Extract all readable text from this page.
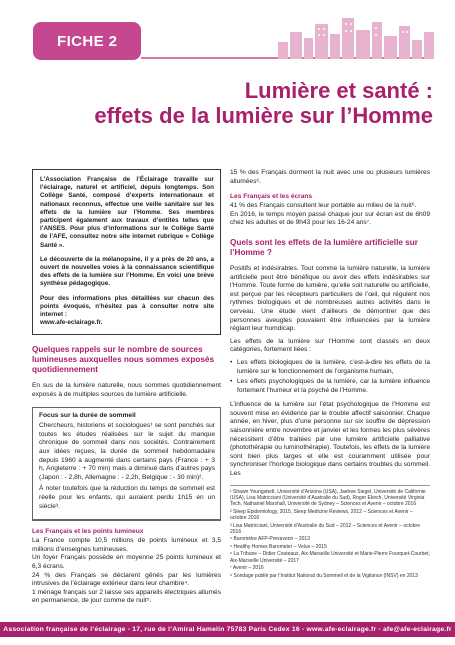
FICHE 2
Lumière et santé :
effets de la lumière sur l’Homme

L’Association Française de l’Éclairage travaille sur l’éclairage, naturel et artificiel, depuis longtemps. Son Collège Santé, composé d’experts internationaux et nationaux reconnus, effectue une veille sanitaire sur les effets de la lumière sur l’Homme. Ses membres participent également aux travaux d’entités telles que l’ANSES. Pour plus d’informations sur le Collège Santé de l’AFE, consultez notre site internet rubrique « Collège Santé ».

Le découverte de la mélanopsine, il y a près de 20 ans, a ouvert de nouvelles voies à la connaissance scientifique des effets de la lumière sur l’Homme. En voici une brève synthèse pédagogique.

Pour des informations plus détaillées sur chacun des points évoqués, n’hésitez pas à consulter notre site internet :
www.afe-eclairage.fr.

Quelques rappels sur le nombre de sources lumineuses auxquelles nous sommes exposés quotidiennement

En sus de la lumière naturelle, nous sommes quotidiennement exposés à de multiples sources de lumière artificielle.

Focus sur la durée de sommeil

Chercheurs, historiens et sociologues¹ se sont penchés sur toutes les études réalisées sur le sujet du manque chronique de sommeil dans nos sociétés. Contrairement aux idées reçues, la durée de sommeil hebdomadaire depuis 1960 a augmenté dans certains pays (France : + 3 h, Angleterre : + 70 min) mais a diminué dans d’autres pays (Japon : - 2,8h, Allemagne : - 2,2h, Belgique : - 30 min)².

À noter toutefois que la réduction du temps de sommeil est réelle pour les enfants, qui auraient perdu 1h15 en un siècle³.

Les Français et les points lumineux

La France compte 10,5 millions de points lumineux et 3,5 millions d’enseignes lumineuses.

Un foyer Français possède en moyenne 25 points lumineux et 6,3 écrans.

24 % des Français se déclarent gênés par les lumières intrusives de l’éclairage extérieur dans leur chambre⁴.

1 ménage français sur 2 laisse ses appareils électriques allumés en permanence, de jour comme de nuit⁵.

15 % des Français dorment la nuit avec une ou plusieurs lumières allumées⁶.

Les Français et les écrans

41 % des Français consultent leur portable au milieu de la nuit⁶.

En 2016, le temps moyen passé chaque jour sur écran est de 6h09 chez les adultes et de 9h43 pour les 16-24 ans⁷.

Quels sont les effets de la lumière artificielle sur l’Homme ?

Positifs et indésirables. Tout comme la lumière naturelle, la lumière artificielle peut être bénéfique ou avoir des effets indésirables sur l’Homme. Toute forme de lumière, qu’elle soit naturelle ou artificielle, est perçue par les récepteurs particuliers de l’œil, qui régulent nos rythmes biologiques et de nombreuses autres activités dans le cerveau. Une étude vient d’ailleurs de démontrer que des personnes aveugles pouvaient être influencées par la lumière réglant leur humdicap.

Les effets de la lumière sur l’Homme sont classés en deux catégories, fortement liées :

• Les effets biologiques de la lumière, c’est-à-dire les effets de la lumière sur le fonctionnement de l’organisme humain,
• Les effets psychologiques de la lumière, car la lumière influence fortement l’humeur et la psyché de l’Homme.

L’influence de la lumière sur l’état psychologique de l’Homme est souvent mise en évidence par le trouble affectif saisonnier. Chaque année, en hiver, plus d’une personne sur six souffre de dépression saisonnière entre novembre et janvier et les formes les plus sévères nécessitent d’être traitées par une lumière artificielle palliative (photothérapie ou luminothérapie). Toutefois, les effets de la lumière sont bien plus larges et elle est couramment utilisée pour synchroniser l’horloge biologique dans certains troubles du sommeil. Les

¹ Shawn Youngstedt, Université d’Arizona (USA), Jaehee Siegel, Université de Californie (USA), Lisa Matricciani (Université d’Australie du Sud), Roger Ekirch, Université Virginia Tech, Nathaniel Marshall, Université de Sydney – Sciences et Avenir – octobre 2016
² Sleep Epidemiology, 2015, Sleep Medicine Reviews, 2012 – Sciences et Avenir – octobre 2016
³ Lisa Matricciani, Université d’Australie du Sud – 2012 – Sciences et Avenir – octobre 2016
⁴ Baromètre AFP-Prevavenir – 2013
⁵ Healthy Homes Barometer – Velux – 2015
⁶ La Tribune – Didier Couteaux, Aix-Marseille Université et Marie-Pierre Fourquet-Courbet, Aix-Marseille Université – 2017
⁷ Avenir – 2016
⁸ Sondage publié par l’Institut National du Sommeil et de la Vigilance (INSV) en 2013
Association française de l’éclairage - 17, rue de l’Amiral Hamelin 75783 Paris Cedex 16 - www.afe-eclairage.fr - afe@afe-eclairage.fr
